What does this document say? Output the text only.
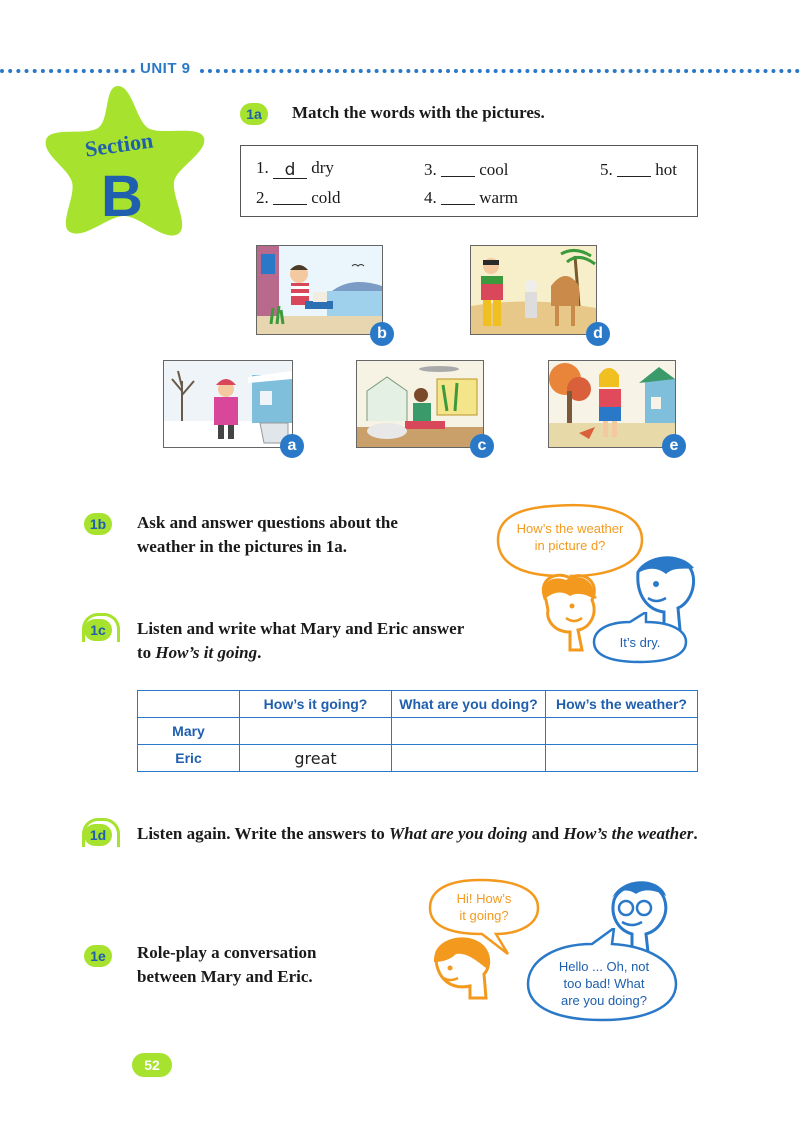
UNIT 9
Section
B
1a	Match the words with the pictures.
1. d dry
2.	cold
3.	cool
4.	warm
5.	hot
b	d
a	c	e
1b	Ask and answer questions about the
weather in the pictures in 1a.
How’s the weather
in picture d?
It’s dry.
1c	Listen and write what Mary and Eric answer
to How’s it going.
	How’s it going?	What are you doing?	How’s the weather?
Mary			
Eric	great		
1d	Listen again. Write the answers to What are you doing and How’s the weather.
1e	Role-play a conversation
between Mary and Eric.
Hi! How’s
it going?
Hello ... Oh, not
too bad! What
are you doing?
52
